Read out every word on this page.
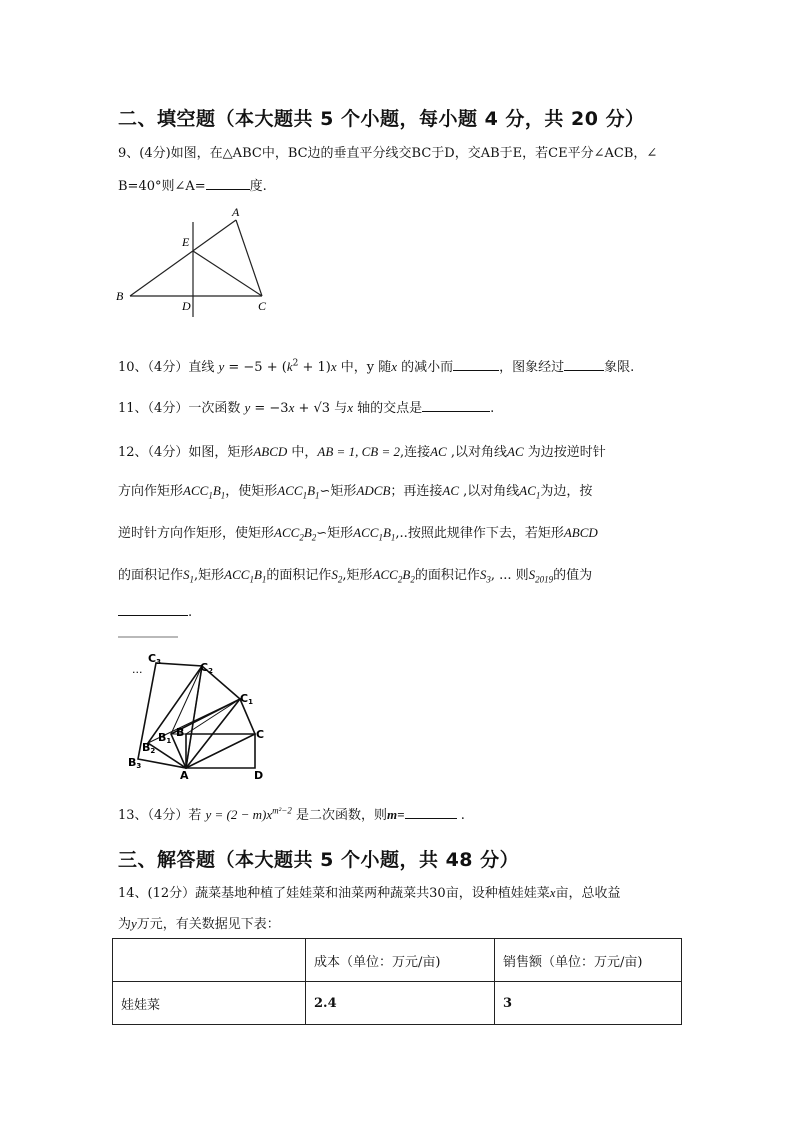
二、填空题（本大题共 5 个小题，每小题 4 分，共 20 分）
9、(4分)如图，在△ABC中，BC边的垂直平分线交BC于D，交AB于E，若CE平分∠ACB，∠
B=40°则∠A=	度.
A
B
C
D
E
10、（4分）直线 $y = -5 + (k^2 + 1)x$ 中，y 随x 的减小而	，图象经过	象限.
11、（4分）一次函数 y = −3x + √3 与x 轴的交点是	.
12、（4分）如图，矩形ABCD 中，AB = 1, CB = 2,连接AC ,以对角线AC 为边按逆时针
方向作矩形$ACC_1B_1$，使矩形$ACC_1B_1∽$矩形ADCB；再连接AC ,以对角线$AC_1$为边，按
逆时针方向作矩形，使矩形$ACC_2B_2∽$矩形$ACC_1B_1$,..按照此规律作下去，若矩形ABCD
的面积记作$S_1$,矩形$ACC_1B_1$的面积记作$S_2$,矩形$ACC_2B_2$的面积记作$S_3$, ... 则$S_{2019}$的值为
.
...
C3	C2
C1
C
B1
B
B2
B3
A	D
13、（4分）若 $y = (2 - m)x^{m^2-2}$ 是二次函数，则m=	.
三、解答题（本大题共 5 个小题，共 48 分）
14、(12分）蔬菜基地种植了娃娃菜和油菜两种蔬菜共30亩，设种植娃娃菜x亩，总收益
为y万元，有关数据见下表：
	成本（单位：万元/亩)	销售额（单位：万元/亩)
娃娃菜	2.4	3
